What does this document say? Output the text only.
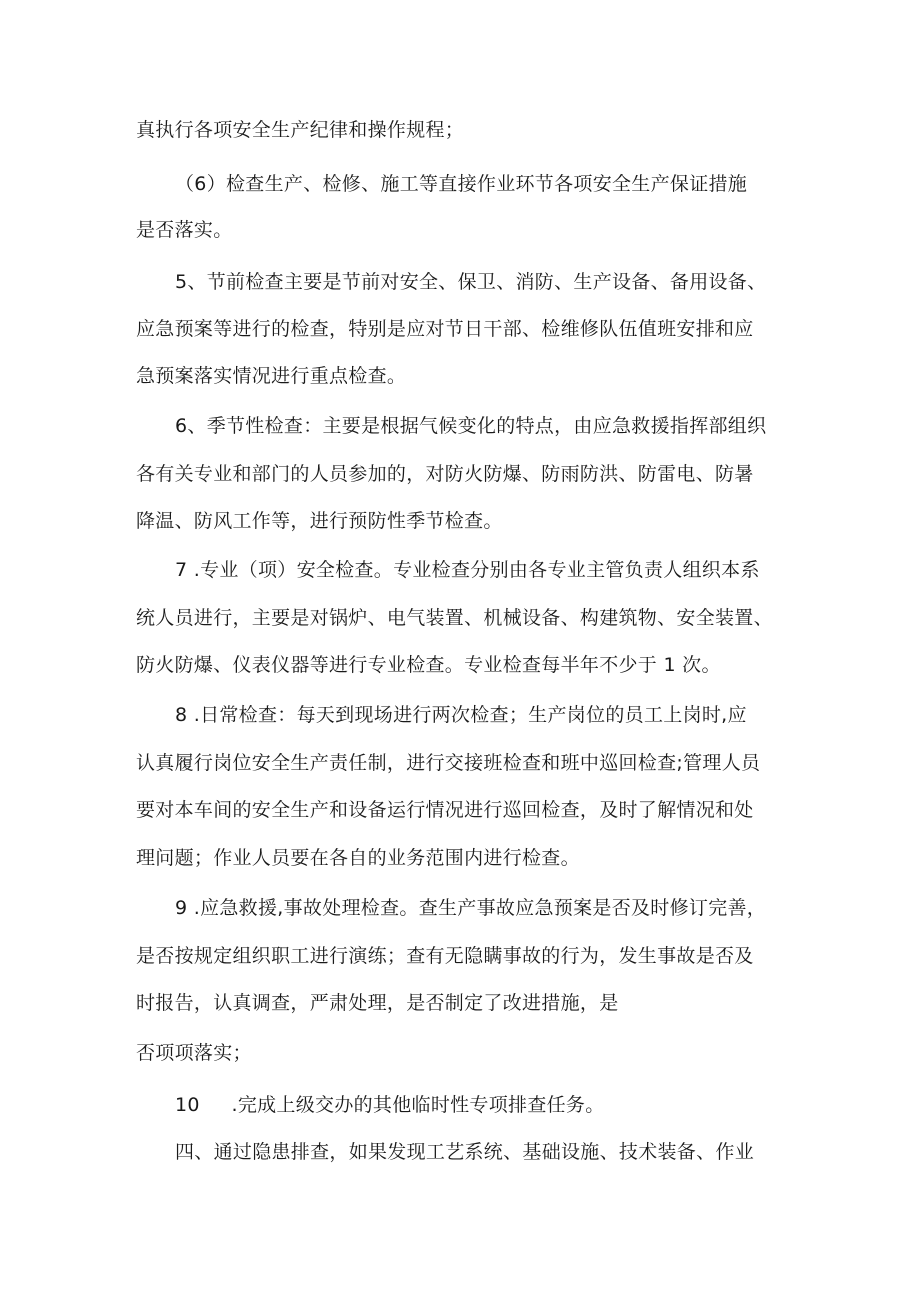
真执行各项安全生产纪律和操作规程；
（6）检查生产、检修、施工等直接作业环节各项安全生产保证措施
是否落实。
5、节前检查主要是节前对安全、保卫、消防、生产设备、备用设备、
应急预案等进行的检查，特别是应对节日干部、检维修队伍值班安排和应
急预案落实情况进行重点检查。
6、季节性检查：主要是根据气候变化的特点，由应急救援指挥部组织
各有关专业和部门的人员参加的，对防火防爆、防雨防洪、防雷电、防暑
降温、防风工作等，进行预防性季节检查。
7 .专业（项）安全检查。专业检查分别由各专业主管负责人组织本系
统人员进行，主要是对锅炉、电气装置、机械设备、构建筑物、安全装置、
防火防爆、仪表仪器等进行专业检查。专业检查每半年不少于 1 次。
8 .日常检查：每天到现场进行两次检查；生产岗位的员工上岗时,应
认真履行岗位安全生产责任制，进行交接班检查和班中巡回检查;管理人员
要对本车间的安全生产和设备运行情况进行巡回检查，及时了解情况和处
理问题；作业人员要在各自的业务范围内进行检查。
9 .应急救援,事故处理检查。查生产事故应急预案是否及时修订完善，
是否按规定组织职工进行演练；查有无隐瞒事故的行为，发生事故是否及
时报告，认真调查，严肃处理，是否制定了改进措施，是
否项项落实；
10     .完成上级交办的其他临时性专项排查任务。
四、通过隐患排查，如果发现工艺系统、基础设施、技术装备、作业
